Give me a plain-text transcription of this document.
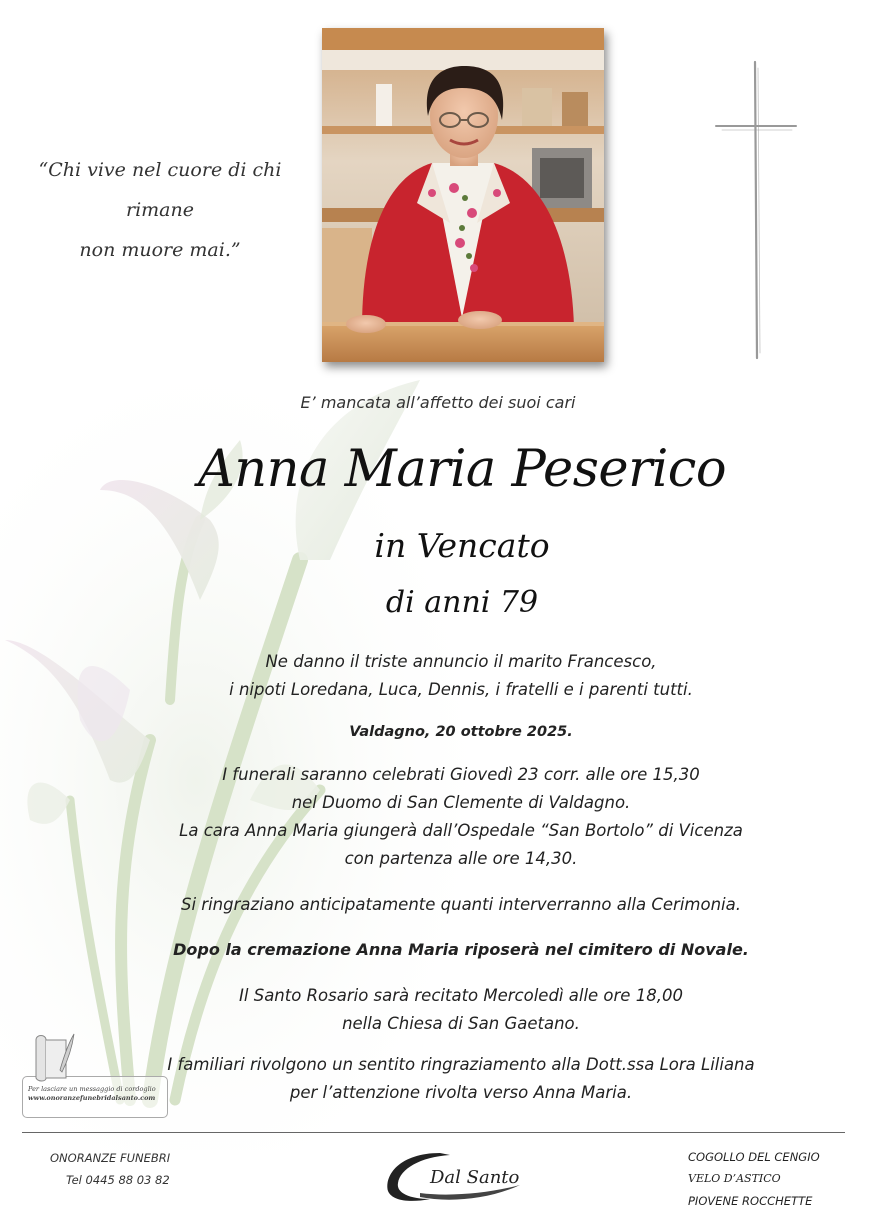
“Chi vive nel cuore di chi rimane
non muore mai.”
E’ mancata all’affetto dei suoi cari
Anna Maria Peserico
in Vencato
di anni 79
Ne danno il triste annuncio il marito Francesco,
i nipoti Loredana, Luca, Dennis, i fratelli e i parenti tutti.
Valdagno, 20 ottobre 2025.
I funerali saranno celebrati Giovedì 23 corr. alle ore 15,30
nel Duomo di San Clemente di Valdagno.
La cara Anna Maria giungerà dall’Ospedale “San Bortolo” di Vicenza
con partenza alle ore 14,30.
Si ringraziano anticipatamente quanti interverranno alla Cerimonia.
Dopo la cremazione Anna Maria riposerà nel cimitero di Novale.
Il Santo Rosario sarà recitato Mercoledì alle ore 18,00
nella Chiesa di San Gaetano.
I familiari rivolgono un sentito ringraziamento alla Dott.ssa Lora Liliana
per l’attenzione rivolta verso Anna Maria.
Per lasciare un messaggio di cordoglio
www.onoranzefunebridalsanto.com
ONORANZE FUNEBRI
Tel 0445 88 03 82	Dal Santo
COGOLLO DEL CENGIO
VELO D’ASTICO
PIOVENE ROCCHETTE
